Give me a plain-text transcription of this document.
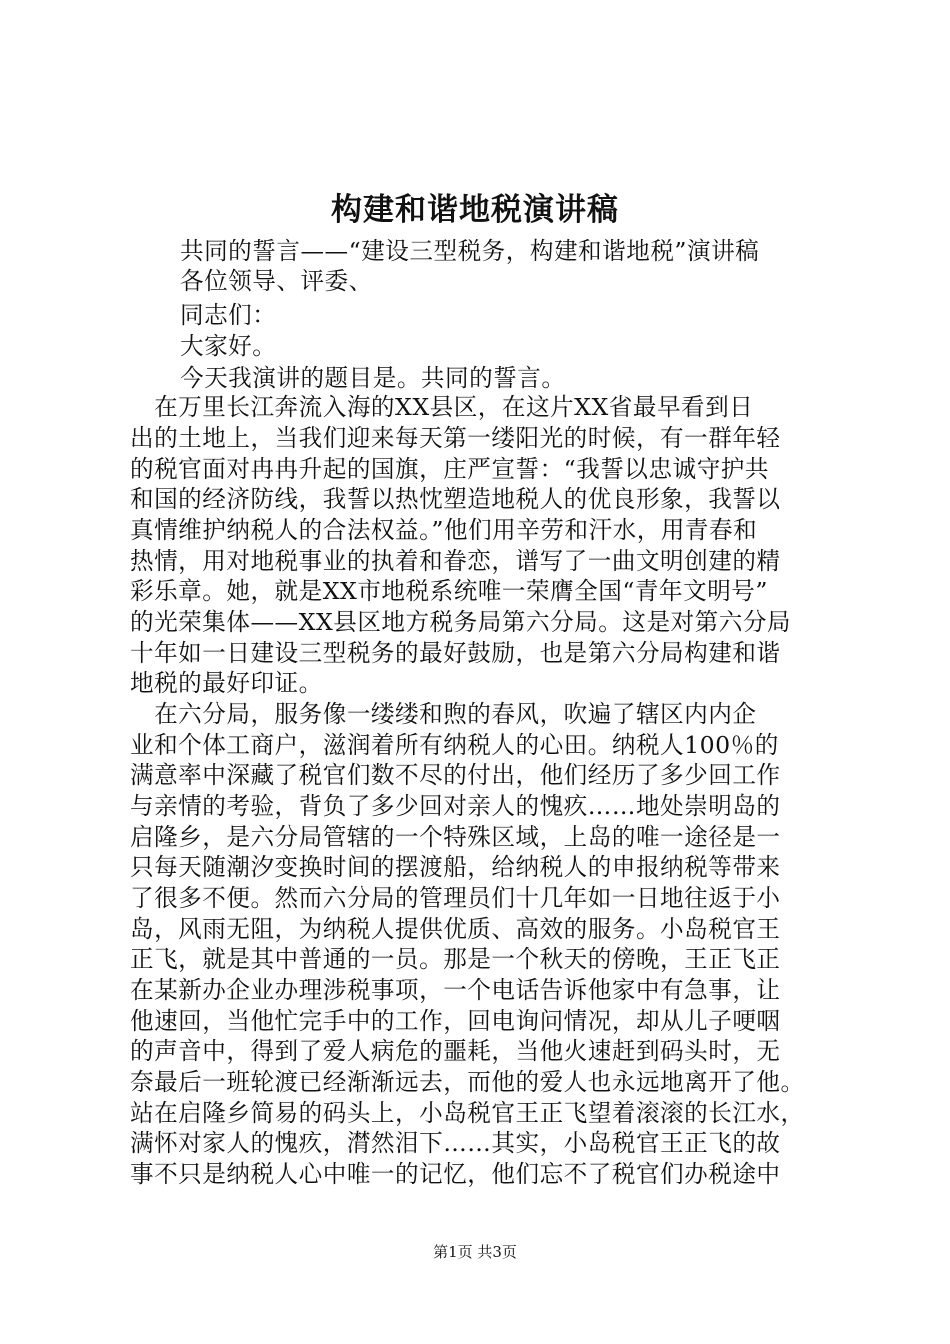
构建和谐地税演讲稿
共同的誓言——“建设三型税务，构建和谐地税”演讲稿
各位领导、评委、
同志们：
大家好。
今天我演讲的题目是。共同的誓言。
　在万里长江奔流入海的XX县区，在这片XX省最早看到日
出的土地上，当我们迎来每天第一缕阳光的时候，有一群年轻
的税官面对冉冉升起的国旗，庄严宣誓：“我誓以忠诚守护共
和国的经济防线，我誓以热忱塑造地税人的优良形象，我誓以
真情维护纳税人的合法权益。”他们用辛劳和汗水，用青春和
热情，用对地税事业的执着和眷恋，谱写了一曲文明创建的精
彩乐章。她，就是XX市地税系统唯一荣膺全国“青年文明号”
的光荣集体——XX县区地方税务局第六分局。这是对第六分局
十年如一日建设三型税务的最好鼓励，也是第六分局构建和谐
地税的最好印证。
　在六分局，服务像一缕缕和煦的春风，吹遍了辖区内内企
业和个体工商户，滋润着所有纳税人的心田。纳税人100％的
满意率中深藏了税官们数不尽的付出，他们经历了多少回工作
与亲情的考验，背负了多少回对亲人的愧疚……地处崇明岛的
启隆乡，是六分局管辖的一个特殊区域，上岛的唯一途径是一
只每天随潮汐变换时间的摆渡船，给纳税人的申报纳税等带来
了很多不便。然而六分局的管理员们十几年如一日地往返于小
岛，风雨无阻，为纳税人提供优质、高效的服务。小岛税官王
正飞，就是其中普通的一员。那是一个秋天的傍晚，王正飞正
在某新办企业办理涉税事项，一个电话告诉他家中有急事，让
他速回，当他忙完手中的工作，回电询问情况，却从儿子哽咽
的声音中，得到了爱人病危的噩耗，当他火速赶到码头时，无
奈最后一班轮渡已经渐渐远去，而他的爱人也永远地离开了他。
站在启隆乡简易的码头上，小岛税官王正飞望着滚滚的长江水，
满怀对家人的愧疚，潸然泪下……其实，小岛税官王正飞的故
事不只是纳税人心中唯一的记忆，他们忘不了税官们办税途中
第1页 共3页
